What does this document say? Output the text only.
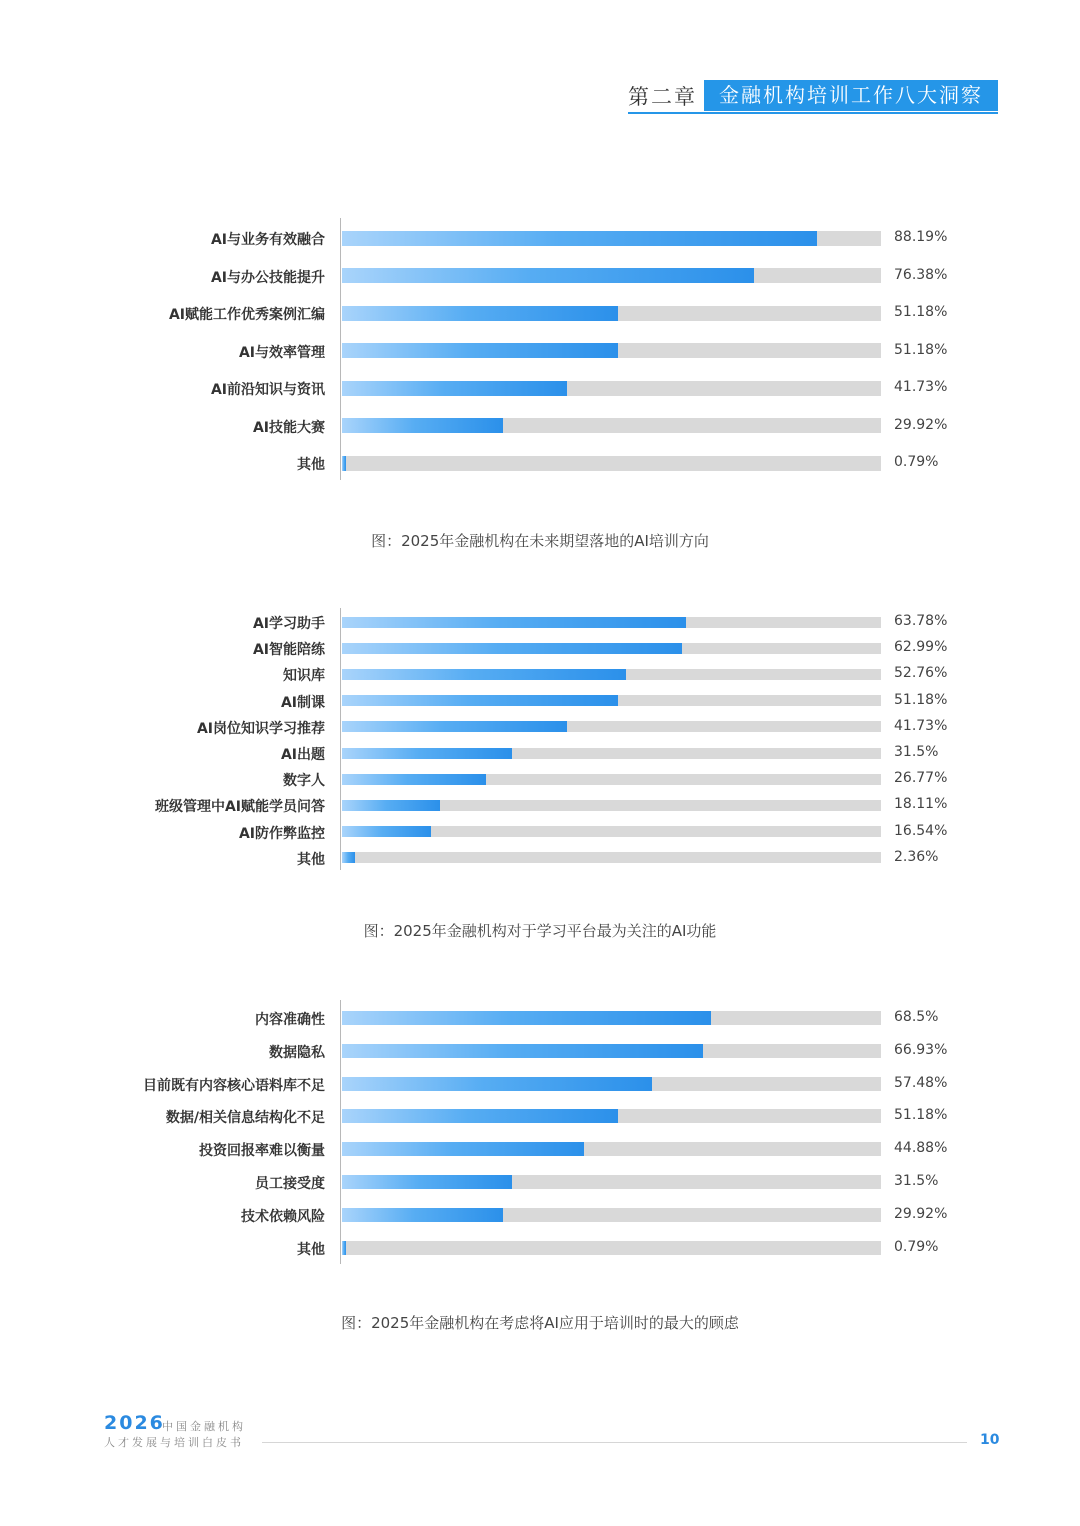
第二章	金融机构培训工作八大洞察
AI与业务有效融合	88.19%
AI与办公技能提升	76.38%
AI赋能工作优秀案例汇编	51.18%
AI与效率管理	51.18%
AI前沿知识与资讯	41.73%
AI技能大赛	29.92%
其他	0.79%
图：2025年金融机构在未来期望落地的AI培训方向
AI学习助手	63.78%
AI智能陪练	62.99%
知识库	52.76%
AI制课	51.18%
AI岗位知识学习推荐	41.73%
AI出题	31.5%
数字人	26.77%
班级管理中AI赋能学员问答	18.11%
AI防作弊监控	16.54%
其他	2.36%
图：2025年金融机构对于学习平台最为关注的AI功能
内容准确性	68.5%
数据隐私	66.93%
目前既有内容核心语料库不足	57.48%
数据/相关信息结构化不足	51.18%
投资回报率难以衡量	44.88%
员工接受度	31.5%
技术依赖风险	29.92%
其他	0.79%
图：2025年金融机构在考虑将AI应用于培训时的最大的顾虑
2026
中国金融机构
人才发展与培训白皮书	10
